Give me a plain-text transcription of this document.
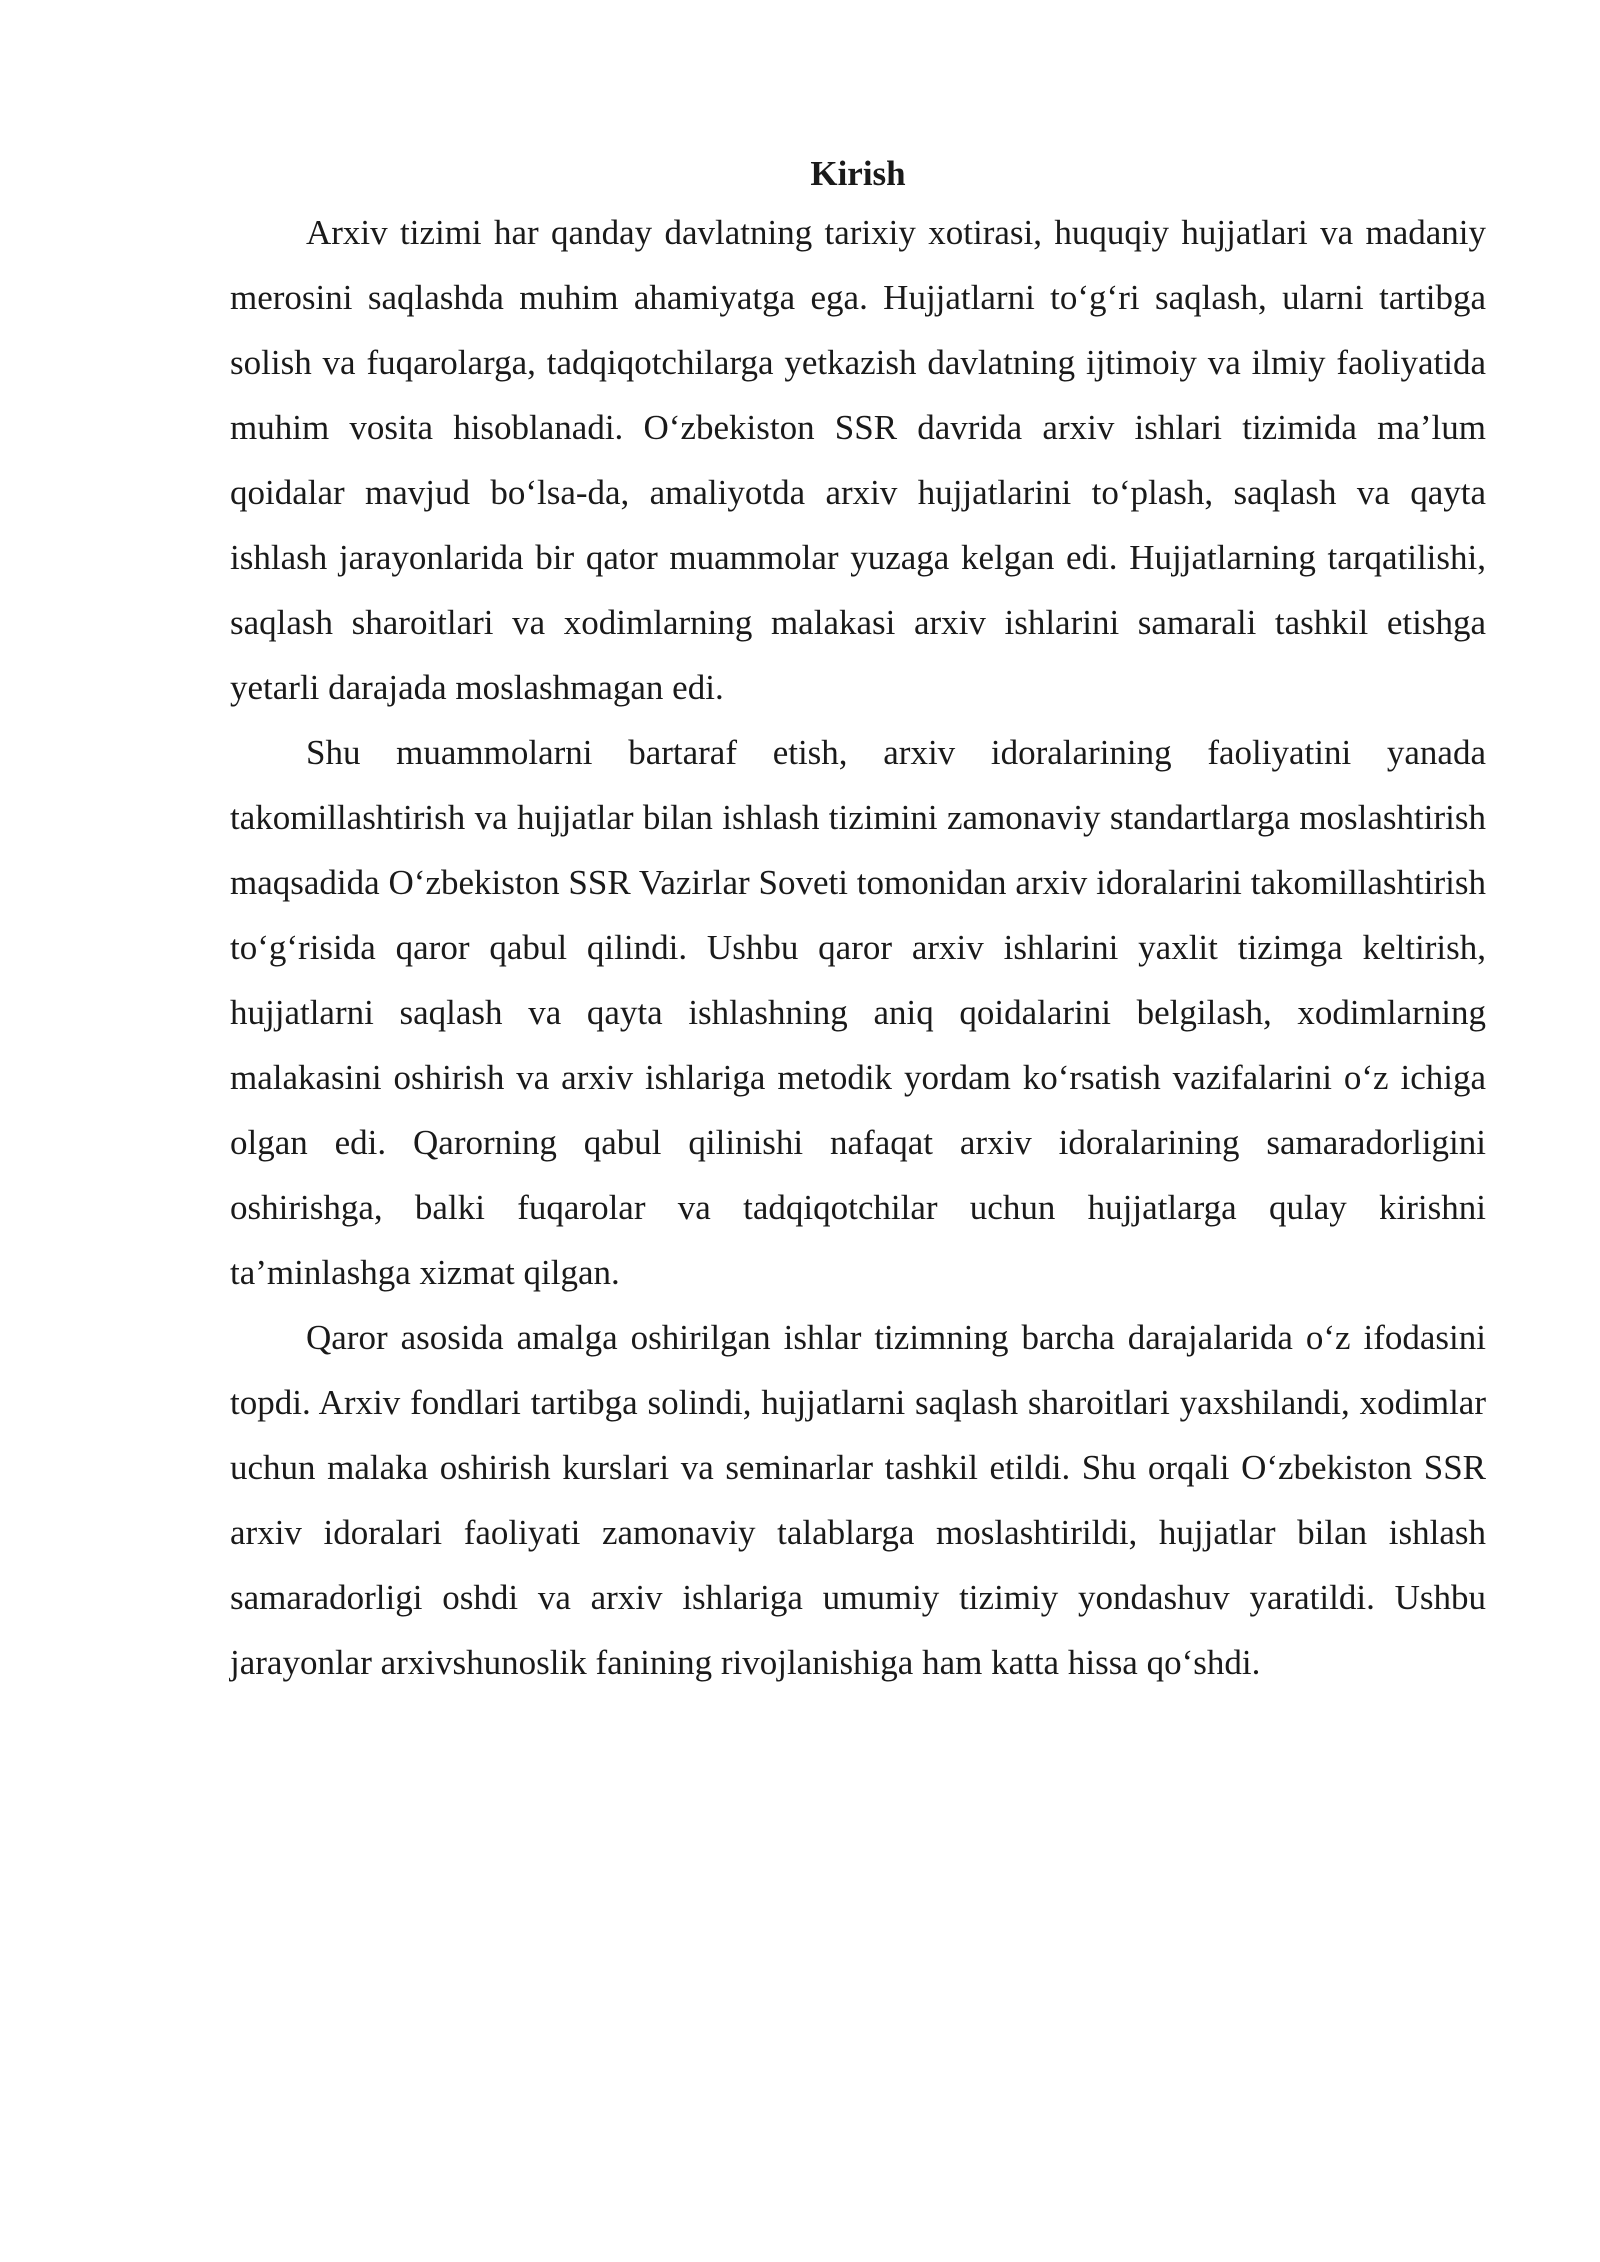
Kirish

Arxiv tizimi har qanday davlatning tarixiy xotirasi, huquqiy hujjatlari va madaniy merosini saqlashda muhim ahamiyatga ega. Hujjatlarni to‘g‘ri saqlash, ularni tartibga solish va fuqarolarga, tadqiqotchilarga yetkazish davlatning ijtimoiy va ilmiy faoliyatida muhim vosita hisoblanadi. O‘zbekiston SSR davrida arxiv ishlari tizimida ma’lum qoidalar mavjud bo‘lsa-da, amaliyotda arxiv hujjatlarini to‘plash, saqlash va qayta ishlash jarayonlarida bir qator muammolar yuzaga kelgan edi. Hujjatlarning tarqatilishi, saqlash sharoitlari va xodimlarning malakasi arxiv ishlarini samarali tashkil etishga yetarli darajada moslashmagan edi.

Shu muammolarni bartaraf etish, arxiv idoralarining faoliyatini yanada takomillashtirish va hujjatlar bilan ishlash tizimini zamonaviy standartlarga moslashtirish maqsadida O‘zbekiston SSR Vazirlar Soveti tomonidan arxiv idoralarini takomillashtirish to‘g‘risida qaror qabul qilindi. Ushbu qaror arxiv ishlarini yaxlit tizimga keltirish, hujjatlarni saqlash va qayta ishlashning aniq qoidalarini belgilash, xodimlarning malakasini oshirish va arxiv ishlariga metodik yordam ko‘rsatish vazifalarini o‘z ichiga olgan edi. Qarorning qabul qilinishi nafaqat arxiv idoralarining samaradorligini oshirishga, balki fuqarolar va tadqiqotchilar uchun hujjatlarga qulay kirishni ta’minlashga xizmat qilgan.

Qaror asosida amalga oshirilgan ishlar tizimning barcha darajalarida o‘z ifodasini topdi. Arxiv fondlari tartibga solindi, hujjatlarni saqlash sharoitlari yaxshilandi, xodimlar uchun malaka oshirish kurslari va seminarlar tashkil etildi. Shu orqali O‘zbekiston SSR arxiv idoralari faoliyati zamonaviy talablarga moslashtirildi, hujjatlar bilan ishlash samaradorligi oshdi va arxiv ishlariga umumiy tizimiy yondashuv yaratildi. Ushbu jarayonlar arxivshunoslik fanining rivojlanishiga ham katta hissa qo‘shdi.
